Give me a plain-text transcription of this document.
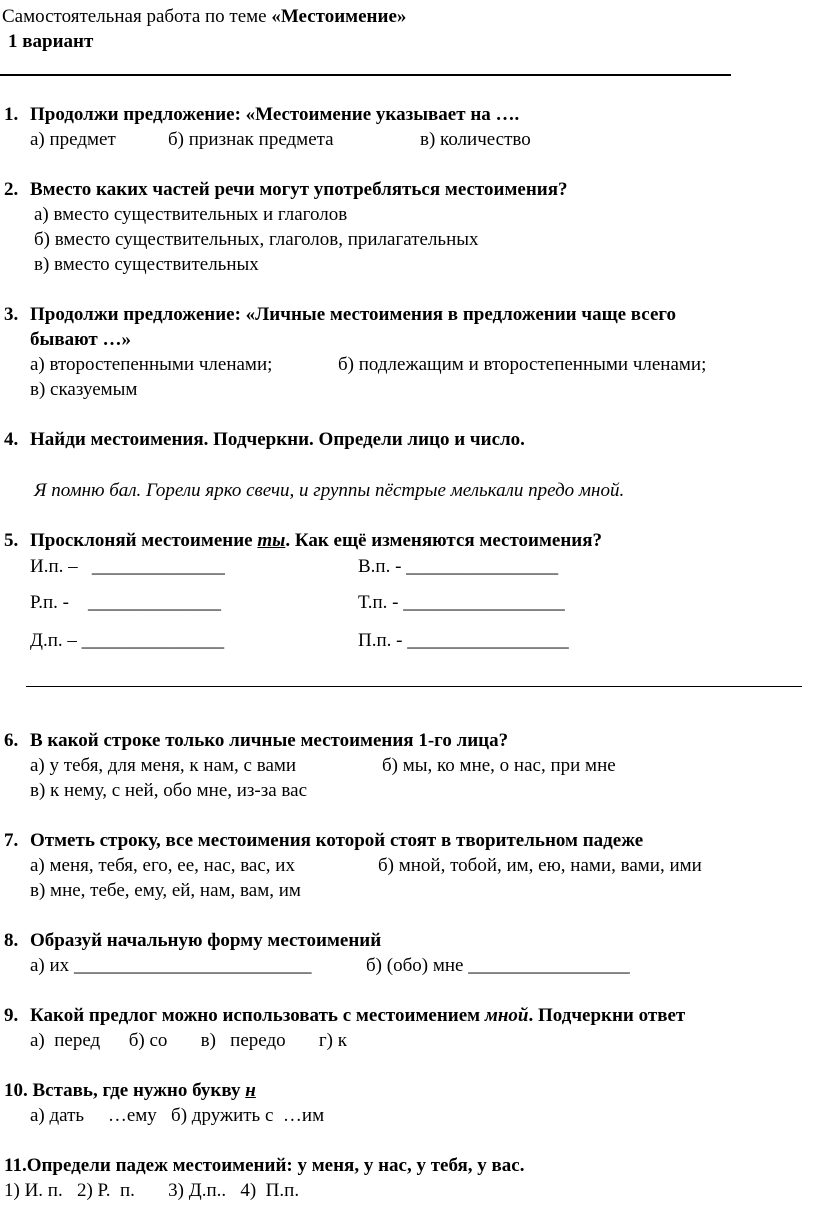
Самостоятельная работа по теме «Местоимение»
1 вариант
1. Продолжи предложение: «Местоимение указывает на ….
а) предмет	б) признак предмета	в) количество
2. Вместо каких частей речи могут употребляться местоимения?
а) вместо существительных и глаголов
б) вместо существительных, глаголов, прилагательных
в) вместо существительных
3. Продолжи предложение: «Личные местоимения в предложении чаще всего
бывают …»
а) второстепенными членами;	б) подлежащим и второстепенными членами;
в) сказуемым
4. Найди местоимения. Подчеркни. Определи лицо и число.
Я помню бал. Горели ярко свечи, и группы пёстрые мелькали предо мной.
5. Просклоняй местоимение ты. Как ещё изменяются местоимения?
И.п. – ______________	В.п. - ________________
Р.п. - ______________	Т.п. - _________________
Д.п. – _______________	П.п. - _________________
6. В какой строке только личные местоимения 1-го лица?
а) у тебя, для меня, к нам, с вами	б) мы, ко мне, о нас, при мне
в) к нему, с ней, обо мне, из-за вас
7. Отметь строку, все местоимения которой стоят в творительном падеже
а) меня, тебя, его, ее, нас, вас, их	б) мной, тобой, им, ею, нами, вами, ими
в) мне, тебе, ему, ей, нам, вам, им
8. Образуй начальную форму местоимений
а) их _________________________	б) (обо) мне _________________
9. Какой предлог можно использовать с местоимением мной. Подчеркни ответ
а)  перед      б) со       в)   передо       г) к
10. Вставь, где нужно букву н
а) дать     …ему   б) дружить с  …им
11.Определи падеж местоимений: у меня, у нас, у тебя, у вас.
1) И. п.   2) Р.  п.       3) Д.п..   4)  П.п.
